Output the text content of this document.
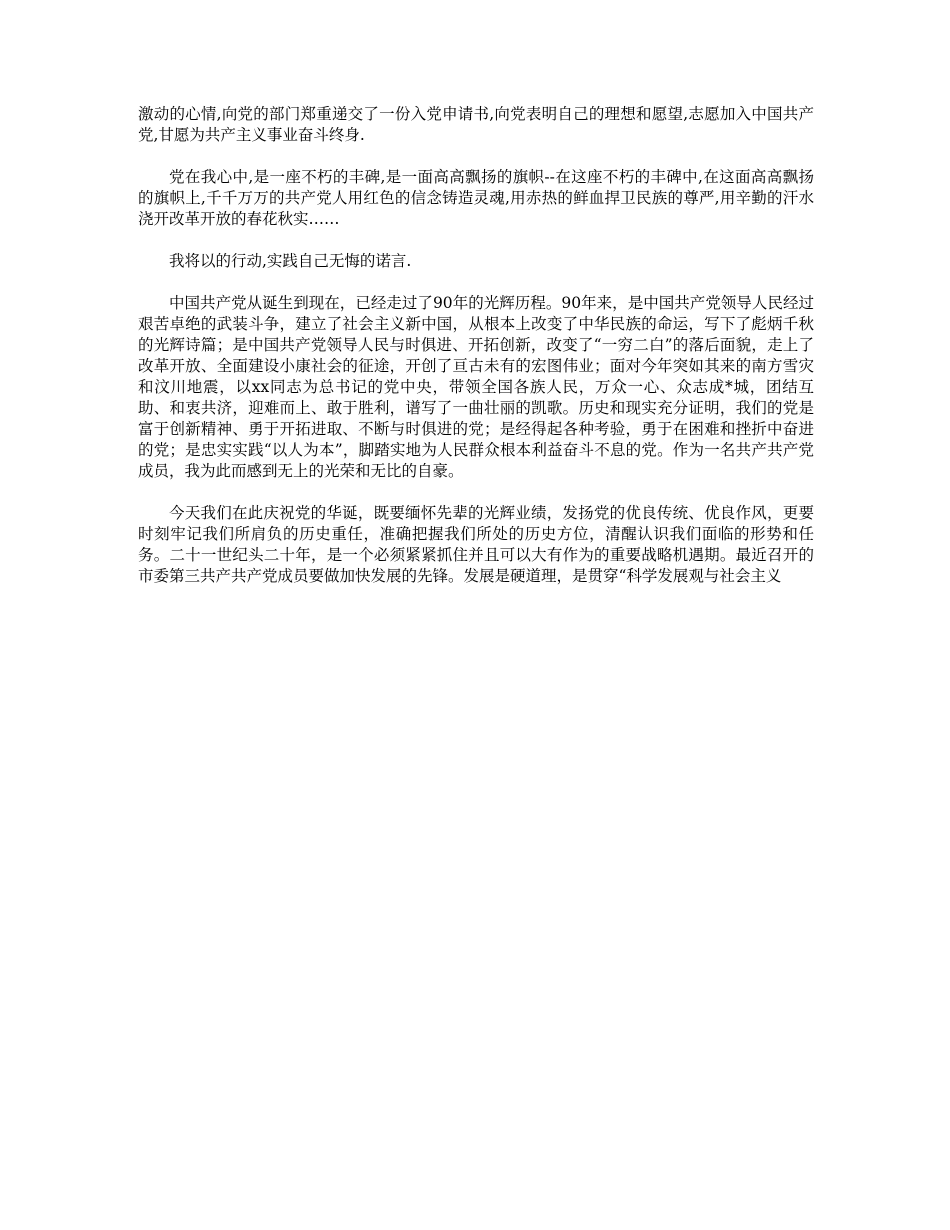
激动的心情,向党的部门郑重递交了一份入党申请书,向党表明自己的理想和愿望,志愿加入中国共产党,甘愿为共产主义事业奋斗终身.

党在我心中,是一座不朽的丰碑,是一面高高飘扬的旗帜--在这座不朽的丰碑中,在这面高高飘扬的旗帜上,千千万万的共产党人用红色的信念铸造灵魂,用赤热的鲜血捍卫民族的尊严,用辛勤的汗水浇开改革开放的春花秋实……

我将以的行动,实践自己无悔的诺言.

中国共产党从诞生到现在，已经走过了90年的光辉历程。90年来，是中国共产党领导人民经过艰苦卓绝的武装斗争，建立了社会主义新中国，从根本上改变了中华民族的命运，写下了彪炳千秋的光辉诗篇；是中国共产党领导人民与时俱进、开拓创新，改变了“一穷二白”的落后面貌，走上了改革开放、全面建设小康社会的征途，开创了亘古未有的宏图伟业；面对今年突如其来的南方雪灾和汶川地震，以xx同志为总书记的党中央，带领全国各族人民，万众一心、众志成*城，团结互助、和衷共济，迎难而上、敢于胜利，谱写了一曲壮丽的凯歌。历史和现实充分证明，我们的党是富于创新精神、勇于开拓进取、不断与时俱进的党；是经得起各种考验，勇于在困难和挫折中奋进的党；是忠实实践“以人为本”，脚踏实地为人民群众根本利益奋斗不息的党。作为一名共产共产党成员，我为此而感到无上的光荣和无比的自豪。

今天我们在此庆祝党的华诞，既要缅怀先辈的光辉业绩，发扬党的优良传统、优良作风，更要时刻牢记我们所肩负的历史重任，准确把握我们所处的历史方位，清醒认识我们面临的形势和任务。二十一世纪头二十年，是一个必须紧紧抓住并且可以大有作为的重要战略机遇期。最近召开的市委第三共产共产党成员要做加快发展的先锋。发展是硬道理，是贯穿“科学发展观与社会主义
